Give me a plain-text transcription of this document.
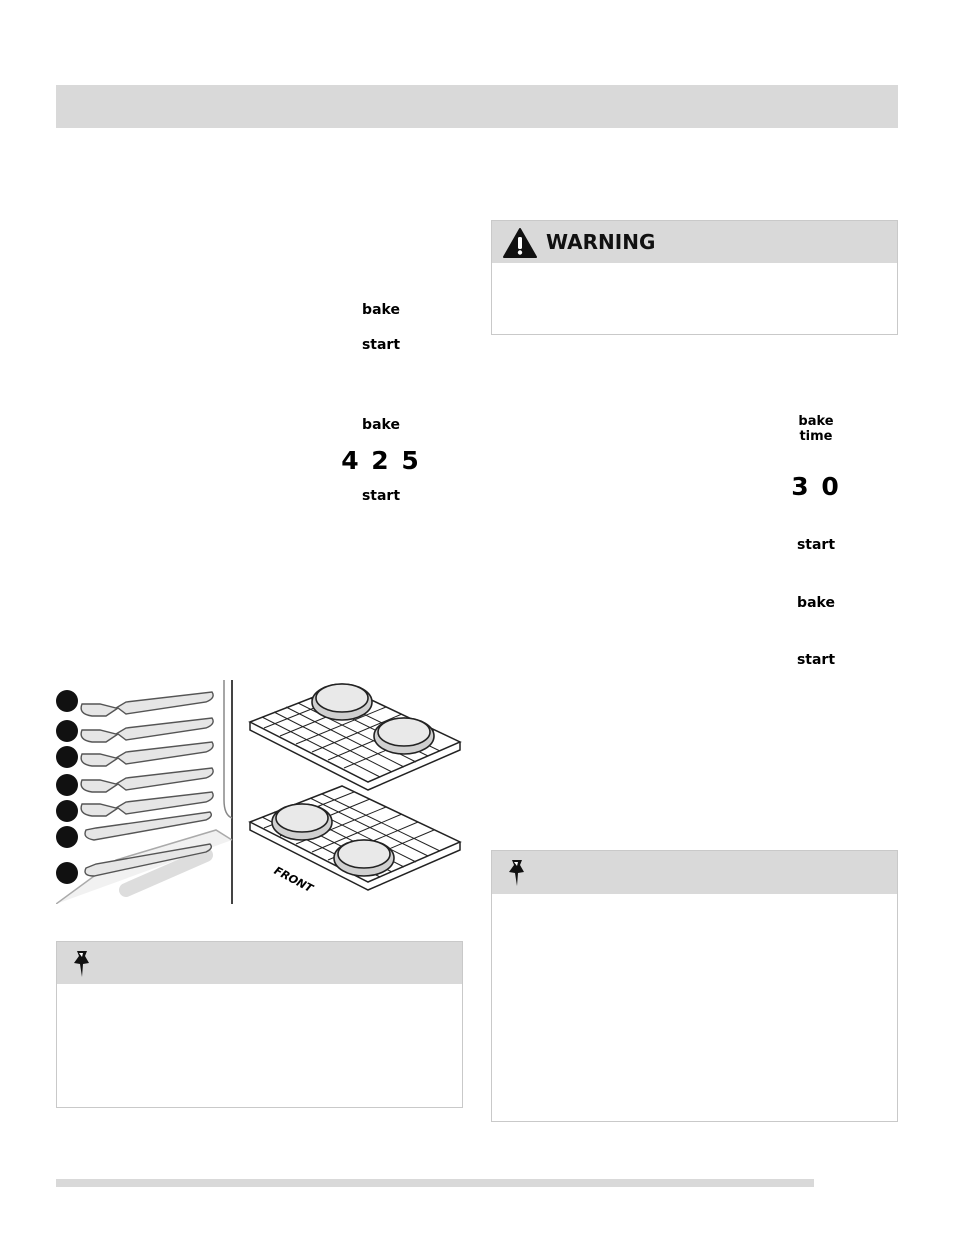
bake
start
bake
4 2 5
start
WARNING
bake
time
3 0
start
bake
start
FRONT
